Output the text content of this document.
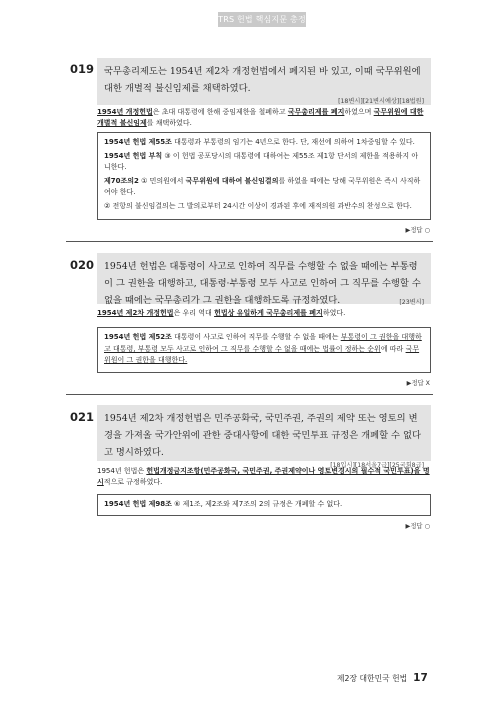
TRS 헌법 핵심지문 총정리
019 국무총리제도는 1954년 제2차 개정헌법에서 폐지된 바 있고, 이때 국무위원에 대한 개별적 불신임제를 채택하였다.
[18변시][21변시예상][18법원]
1954년 개정헌법은 초대 대통령에 한해 중임제한을 철폐하고 국무총리제를 폐지하였으며 국무위원에 대한 개별적 불신임제를 채택하였다.

1954년 헌법 제55조 대통령과 부통령의 임기는 4년으로 한다. 단, 재선에 의하여 1차중임할 수 있다.

1954년 헌법 부칙 ③ 이 헌법 공포당시의 대통령에 대하여는 제55조 제1항 단서의 제한을 적용하지 아니한다.

제70조의2 ① 민의원에서 국무위원에 대하여 불신임결의를 하였을 때에는 당해 국무위원은 즉시 사직하여야 한다.

② 전항의 불신임결의는 그 발의로부터 24시간 이상이 경과된 후에 재적의원 과반수의 찬성으로 한다.

▶정답 ○
020 1954년 헌법은 대통령이 사고로 인하여 직무를 수행할 수 없을 때에는 부통령이 그 권한을 대행하고, 대통령·부통령 모두 사고로 인하여 그 직무를 수행할 수 없을 때에는 국무총리가 그 권한을 대행하도록 규정하였다.	[23변시]
1954년 제2차 개정헌법은 우리 역대 헌법상 유일하게 국무총리제를 폐지하였다.

1954년 헌법 제52조 대통령이 사고로 인하여 직무를 수행할 수 없을 때에는 부통령이 그 권한을 대행하고 대통령, 부통령 모두 사고로 인하여 그 직무를 수행할 수 없을 때에는 법률이 정하는 순위에 따라 국무위원이 그 권한을 대행한다.

▶정답 X
021 1954년 제2차 개정헌법은 민주공화국, 국민주권, 주권의 제약 또는 영토의 변경을 가져올 국가안위에 관한 중대사항에 대한 국민투표 규정은 개폐할 수 없다고 명시하였다.
[18입시][18서울7급][25국회8급]
1954년 헌법은 헌법개정금지조항(민주공화국, 국민주권, 주권제약이나 영토변경시의 필수적 국민투표)을 명시적으로 규정하였다.

1954년 헌법 제98조 ⑥ 제1조, 제2조와 제7조의 2의 규정은 개폐할 수 없다.

▶정답 ○
제2장 대한민국 헌법 17
